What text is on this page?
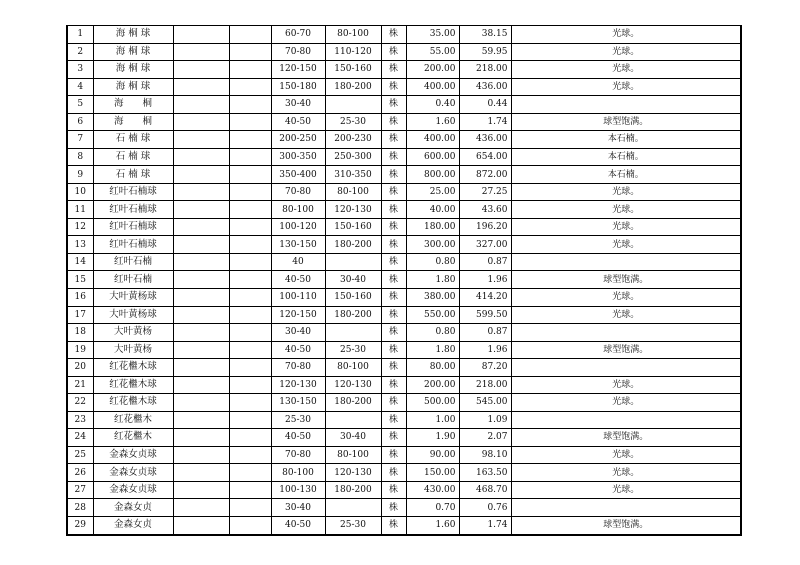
1	海 桐 球			60-70	80-100	株	35.00	38.15	光球。
2	海 桐 球			70-80	110-120	株	55.00	59.95	光球。
3	海 桐 球			120-150	150-160	株	200.00	218.00	光球。
4	海 桐 球			150-180	180-200	株	400.00	436.00	光球。
5	海　　桐			30-40		株	0.40	0.44	
6	海　　桐			40-50	25-30	株	1.60	1.74	球型饱满。
7	石 楠 球			200-250	200-230	株	400.00	436.00	本石楠。
8	石 楠 球			300-350	250-300	株	600.00	654.00	本石楠。
9	石 楠 球			350-400	310-350	株	800.00	872.00	本石楠。
10	红叶石楠球			70-80	80-100	株	25.00	27.25	光球。
11	红叶石楠球			80-100	120-130	株	40.00	43.60	光球。
12	红叶石楠球			100-120	150-160	株	180.00	196.20	光球。
13	红叶石楠球			130-150	180-200	株	300.00	327.00	光球。
14	红叶石楠			40		株	0.80	0.87	
15	红叶石楠			40-50	30-40	株	1.80	1.96	球型饱满。
16	大叶黄杨球			100-110	150-160	株	380.00	414.20	光球。
17	大叶黄杨球			120-150	180-200	株	550.00	599.50	光球。
18	大叶黄杨			30-40		株	0.80	0.87	
19	大叶黄杨			40-50	25-30	株	1.80	1.96	球型饱满。
20	红花檵木球			70-80	80-100	株	80.00	87.20	
21	红花檵木球			120-130	120-130	株	200.00	218.00	光球。
22	红花檵木球			130-150	180-200	株	500.00	545.00	光球。
23	红花檵木			25-30		株	1.00	1.09	
24	红花檵木			40-50	30-40	株	1.90	2.07	球型饱满。
25	金森女贞球			70-80	80-100	株	90.00	98.10	光球。
26	金森女贞球			80-100	120-130	株	150.00	163.50	光球。
27	金森女贞球			100-130	180-200	株	430.00	468.70	光球。
28	金森女贞			30-40		株	0.70	0.76	
29	金森女贞			40-50	25-30	株	1.60	1.74	球型饱满。
